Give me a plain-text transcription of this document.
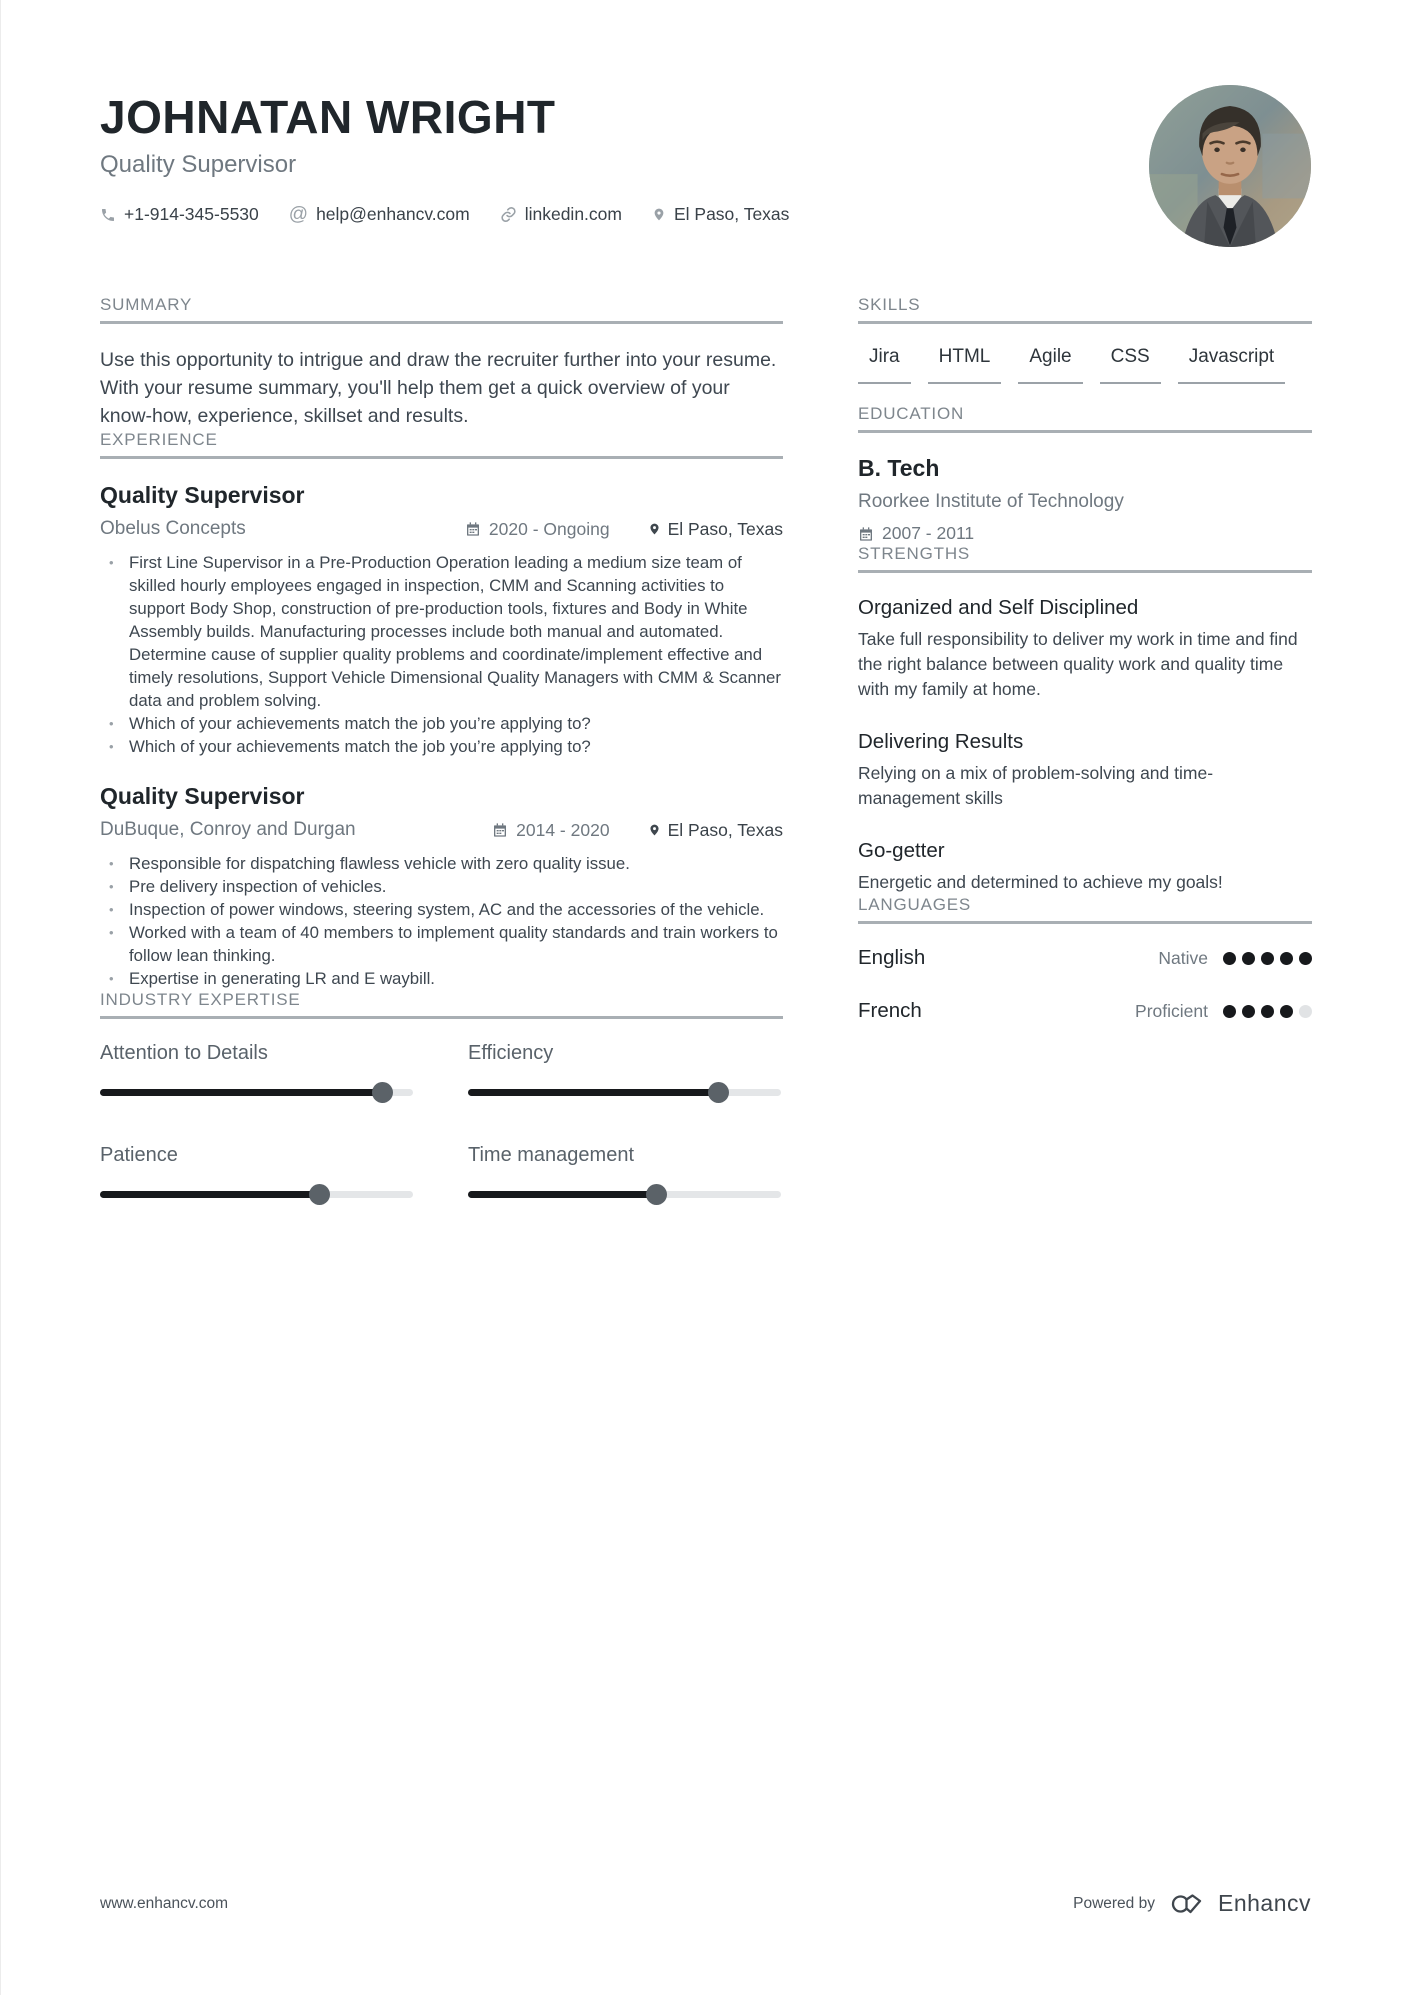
JOHNATAN WRIGHT
Quality Supervisor
+1-914-345-5530 @ help@enhancv.com	linkedin.com	El Paso, Texas
SUMMARY
Use this opportunity to intrigue and draw the recruiter further into your resume. With your resume summary, you'll help them get a quick overview of your know-how, experience, skillset and results.
EXPERIENCE
Quality Supervisor
Obelus Concepts	2020 - Ongoing	El Paso, Texas
• First Line Supervisor in a Pre-Production Operation leading a medium size team of skilled hourly employees engaged in inspection, CMM and Scanning activities to support Body Shop, construction of pre-production tools, fixtures and Body in White Assembly builds. Manufacturing processes include both manual and automated. Determine cause of supplier quality problems and coordinate/implement effective and timely resolutions, Support Vehicle Dimensional Quality Managers with CMM & Scanner data and problem solving.
• Which of your achievements match the job you’re applying to?
• Which of your achievements match the job you’re applying to?
Quality Supervisor
DuBuque, Conroy and Durgan	2014 - 2020	El Paso, Texas
• Responsible for dispatching flawless vehicle with zero quality issue.
• Pre delivery inspection of vehicles.
• Inspection of power windows, steering system, AC and the accessories of the vehicle.
• Worked with a team of 40 members to implement quality standards and train workers to follow lean thinking.
• Expertise in generating LR and E waybill.
INDUSTRY EXPERTISE
Attention to Details	Efficiency
Patience	Time management
SKILLS
Jira	HTML	Agile	CSS	Javascript
EDUCATION
B. Tech
Roorkee Institute of Technology
2007 - 2011
STRENGTHS
Organized and Self Disciplined
Take full responsibility to deliver my work in time and find the right balance between quality work and quality time with my family at home.
Delivering Results
Relying on a mix of problem-solving and time-management skills
Go-getter
Energetic and determined to achieve my goals!
LANGUAGES
English	Native
French	Proficient
www.enhancv.com	Powered by	Enhancv
